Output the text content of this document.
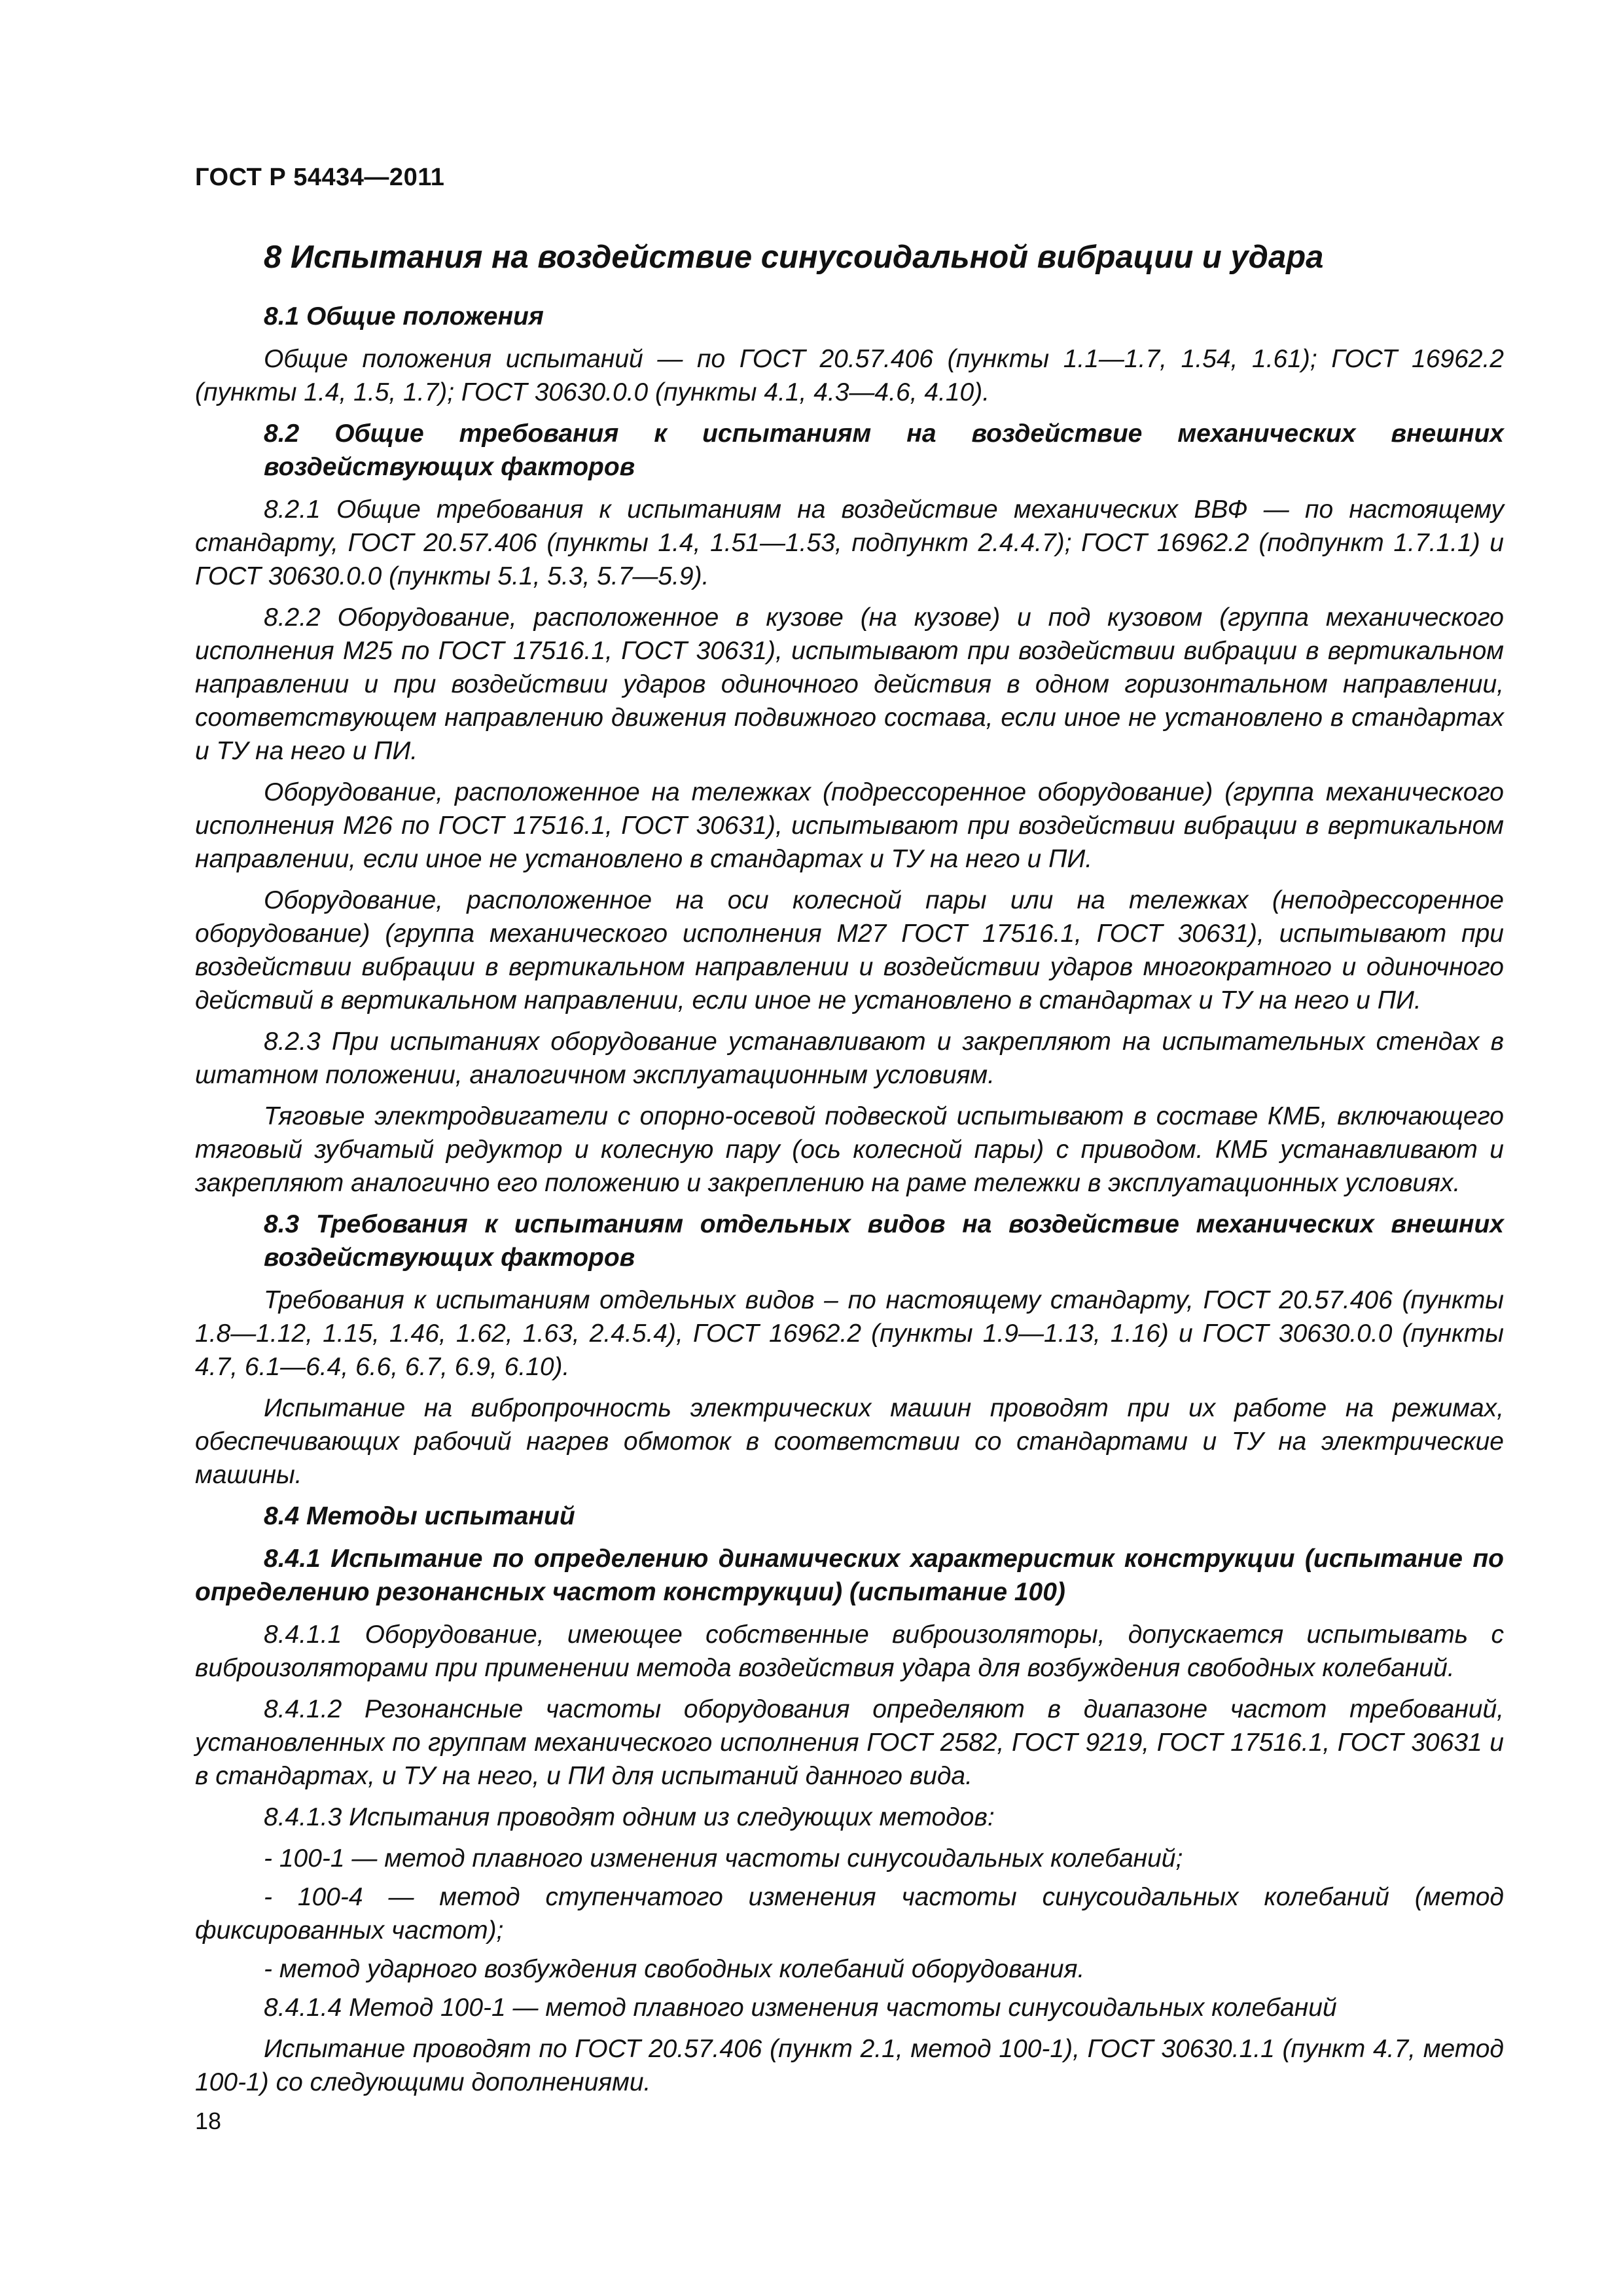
ГОСТ Р 54434—2011

8 Испытания на воздействие синусоидальной вибрации и удара

8.1 Общие положения

Общие положения испытаний — по ГОСТ 20.57.406 (пункты 1.1—1.7, 1.54, 1.61); ГОСТ 16962.2 (пункты 1.4, 1.5, 1.7); ГОСТ 30630.0.0 (пункты 4.1, 4.3—4.6, 4.10).

8.2 Общие требования к испытаниям на воздействие механических внешних воздействующих факторов

8.2.1 Общие требования к испытаниям на воздействие механических ВВФ — по настоящему стандарту, ГОСТ 20.57.406 (пункты 1.4, 1.51—1.53, подпункт 2.4.4.7); ГОСТ 16962.2 (подпункт 1.7.1.1) и ГОСТ 30630.0.0 (пункты 5.1, 5.3, 5.7—5.9).

8.2.2 Оборудование, расположенное в кузове (на кузове) и под кузовом (группа механического исполнения М25 по ГОСТ 17516.1, ГОСТ 30631), испытывают при воздействии вибрации в вертикальном направлении и при воздействии ударов одиночного действия в одном горизонтальном направлении, соответствующем направлению движения подвижного состава, если иное не установлено в стандартах и ТУ на него и ПИ.

Оборудование, расположенное на тележках (подрессоренное оборудование) (группа механического исполнения М26 по ГОСТ 17516.1, ГОСТ 30631), испытывают при воздействии вибрации в вертикальном направлении, если иное не установлено в стандартах и ТУ на него и ПИ.

Оборудование, расположенное на оси колесной пары или на тележках (неподрессоренное оборудование) (группа механического исполнения М27 ГОСТ 17516.1, ГОСТ 30631), испытывают при воздействии вибрации в вертикальном направлении и воздействии ударов многократного и одиночного действий в вертикальном направлении, если иное не установлено в стандартах и ТУ на него и ПИ.

8.2.3 При испытаниях оборудование устанавливают и закрепляют на испытательных стендах в штатном положении, аналогичном эксплуатационным условиям.

Тяговые электродвигатели с опорно-осевой подвеской испытывают в составе КМБ, включающего тяговый зубчатый редуктор и колесную пару (ось колесной пары) с приводом. КМБ устанавливают и закрепляют аналогично его положению и закреплению на раме тележки в эксплуатационных условиях.

8.3 Требования к испытаниям отдельных видов на воздействие механических внешних воздействующих факторов

Требования к испытаниям отдельных видов – по настоящему стандарту, ГОСТ 20.57.406 (пункты 1.8—1.12, 1.15, 1.46, 1.62, 1.63, 2.4.5.4), ГОСТ 16962.2 (пункты 1.9—1.13, 1.16) и ГОСТ 30630.0.0 (пункты 4.7, 6.1—6.4, 6.6, 6.7, 6.9, 6.10).

Испытание на вибропрочность электрических машин проводят при их работе на режимах, обеспечивающих рабочий нагрев обмоток в соответствии со стандартами и ТУ на электрические машины.

8.4 Методы испытаний

8.4.1 Испытание по определению динамических характеристик конструкции (испытание по определению резонансных частот конструкции) (испытание 100)

8.4.1.1 Оборудование, имеющее собственные виброизоляторы, допускается испытывать с виброизоляторами при применении метода воздействия удара для возбуждения свободных колебаний.

8.4.1.2 Резонансные частоты оборудования определяют в диапазоне частот требований, установленных по группам механического исполнения ГОСТ 2582, ГОСТ 9219, ГОСТ 17516.1, ГОСТ 30631 и в стандартах, и ТУ на него, и ПИ для испытаний данного вида.

8.4.1.3 Испытания проводят одним из следующих методов:

- 100-1 — метод плавного изменения частоты синусоидальных колебаний;

- 100-4 — метод ступенчатого изменения частоты синусоидальных колебаний (метод фиксированных частот);

- метод ударного возбуждения свободных колебаний оборудования.

8.4.1.4 Метод 100-1 — метод плавного изменения частоты синусоидальных колебаний

Испытание проводят по ГОСТ 20.57.406 (пункт 2.1, метод 100-1), ГОСТ 30630.1.1 (пункт 4.7, метод 100-1) со следующими дополнениями.

18
